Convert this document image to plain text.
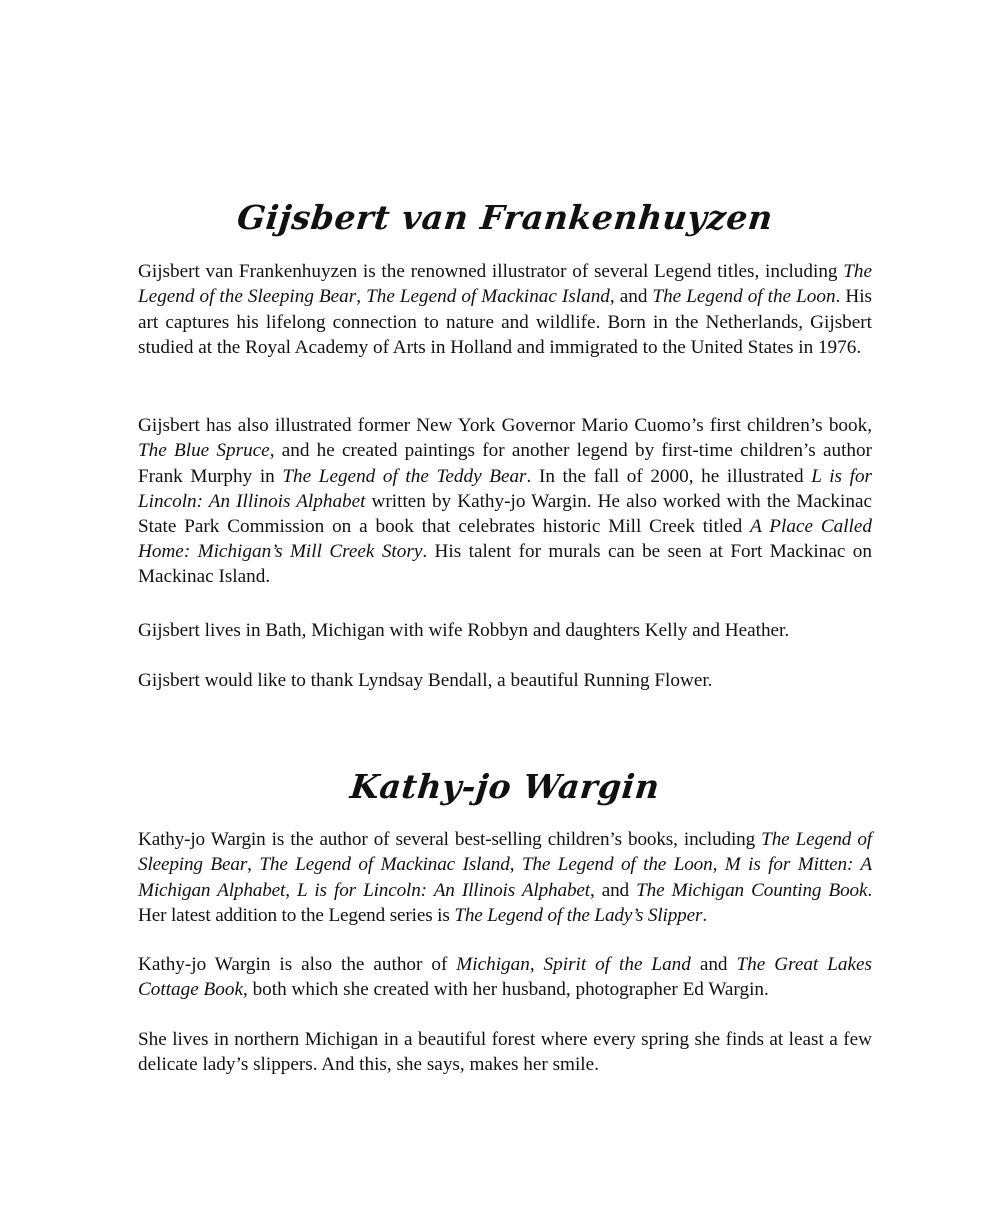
Gijsbert van Frankenhuyzen

Gijsbert van Frankenhuyzen is the renowned illustrator of several Legend titles, including The Legend of the Sleeping Bear, The Legend of Mackinac Island, and The Legend of the Loon. His art captures his lifelong connection to nature and wildlife. Born in the Netherlands, Gijsbert studied at the Royal Academy of Arts in Holland and immigrated to the United States in 1976.

Gijsbert has also illustrated former New York Governor Mario Cuomo’s first children’s book, The Blue Spruce, and he created paintings for another legend by first-time children’s author Frank Murphy in The Legend of the Teddy Bear. In the fall of 2000, he illustrated L is for Lincoln: An Illinois Alphabet written by Kathy-jo Wargin. He also worked with the Mackinac State Park Commission on a book that celebrates historic Mill Creek titled A Place Called Home: Michigan’s Mill Creek Story. His talent for murals can be seen at Fort Mackinac on Mackinac Island.

Gijsbert lives in Bath, Michigan with wife Robbyn and daughters Kelly and Heather.

Gijsbert would like to thank Lyndsay Bendall, a beautiful Running Flower.

Kathy-jo Wargin

Kathy-jo Wargin is the author of several best-selling children’s books, including The Legend of Sleeping Bear, The Legend of Mackinac Island, The Legend of the Loon, M is for Mitten: A Michigan Alphabet, L is for Lincoln: An Illinois Alphabet, and The Michigan Counting Book. Her latest addition to the Legend series is The Legend of the Lady’s Slipper.

Kathy-jo Wargin is also the author of Michigan, Spirit of the Land and The Great Lakes Cottage Book, both which she created with her husband, photographer Ed Wargin.

She lives in northern Michigan in a beautiful forest where every spring she finds at least a few delicate lady’s slippers. And this, she says, makes her smile.
